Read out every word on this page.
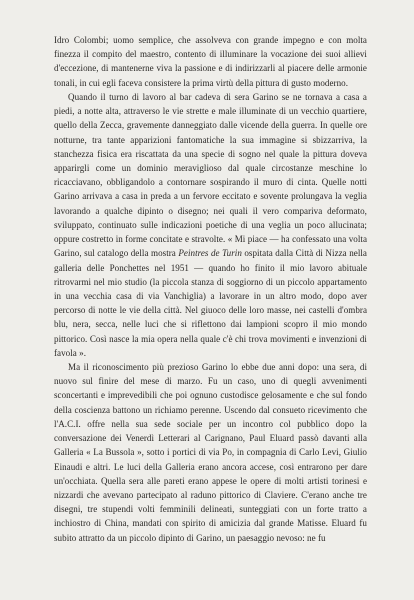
Idro Colombi; uomo semplice, che assolveva con grande impegno e con molta finezza il compito del maestro, contento di illuminare la vocazione dei suoi allievi d'eccezione, di mantenerne viva la passione e di indirizzarli al piacere delle armonie tonali, in cui egli faceva consistere la prima virtù della pittura di gusto moderno.

Quando il turno di lavoro al bar cadeva di sera Garino se ne tornava a casa a piedi, a notte alta, attraverso le vie strette e male illuminate di un vecchio quartiere, quello della Zecca, gravemente danneggiato dalle vicende della guerra. In quelle ore notturne, tra tante apparizioni fantomatiche la sua immagine si sbizzarriva, la stanchezza fisica era riscattata da una specie di sogno nel quale la pittura doveva apparirgli come un dominio meraviglioso dal quale circostanze meschine lo ricacciavano, obbligandolo a contornare sospirando il muro di cinta. Quelle notti Garino arrivava a casa in preda a un fervore eccitato e sovente prolungava la veglia lavorando a qualche dipinto o disegno; nei quali il vero compariva deformato, sviluppato, continuato sulle indicazioni poetiche di una veglia un poco allucinata; oppure costretto in forme concitate e stravolte. « Mi piace — ha confessato una volta Garino, sul catalogo della mostra Peintres de Turin ospitata dalla Città di Nizza nella galleria delle Ponchettes nel 1951 — quando ho finito il mio lavoro abituale ritrovarmi nel mio studio (la piccola stanza di soggiorno di un piccolo appartamento in una vecchia casa di via Vanchiglia) a lavorare in un altro modo, dopo aver percorso di notte le vie della città. Nel giuoco delle loro masse, nei castelli d'ombra blu, nera, secca, nelle luci che si riflettono dai lampioni scopro il mio mondo pittorico. Così nasce la mia opera nella quale c'è chi trova movimenti e invenzioni di favola ».

Ma il riconoscimento più prezioso Garino lo ebbe due anni dopo: una sera, di nuovo sul finire del mese di marzo. Fu un caso, uno di quegli avvenimenti sconcertanti e imprevedibili che poi ognuno custodisce gelosamente e che sul fondo della coscienza battono un richiamo perenne. Uscendo dal consueto ricevimento che l'A.C.I. offre nella sua sede sociale per un incontro col pubblico dopo la conversazione dei Venerdì Letterari al Carignano, Paul Eluard passò davanti alla Galleria « La Bussola », sotto i portici di via Po, in compagnia di Carlo Levi, Giulio Einaudi e altri. Le luci della Galleria erano ancora accese, così entrarono per dare un'occhiata. Quella sera alle pareti erano appese le opere di molti artisti torinesi e nizzardi che avevano partecipato al raduno pittorico di Claviere. C'erano anche tre disegni, tre stupendi volti femminili delineati, sunteggiati con un forte tratto a inchiostro di China, mandati con spirito di amicizia dal grande Matisse. Eluard fu subito attratto da un piccolo dipinto di Garino, un paesaggio nevoso: ne fu
